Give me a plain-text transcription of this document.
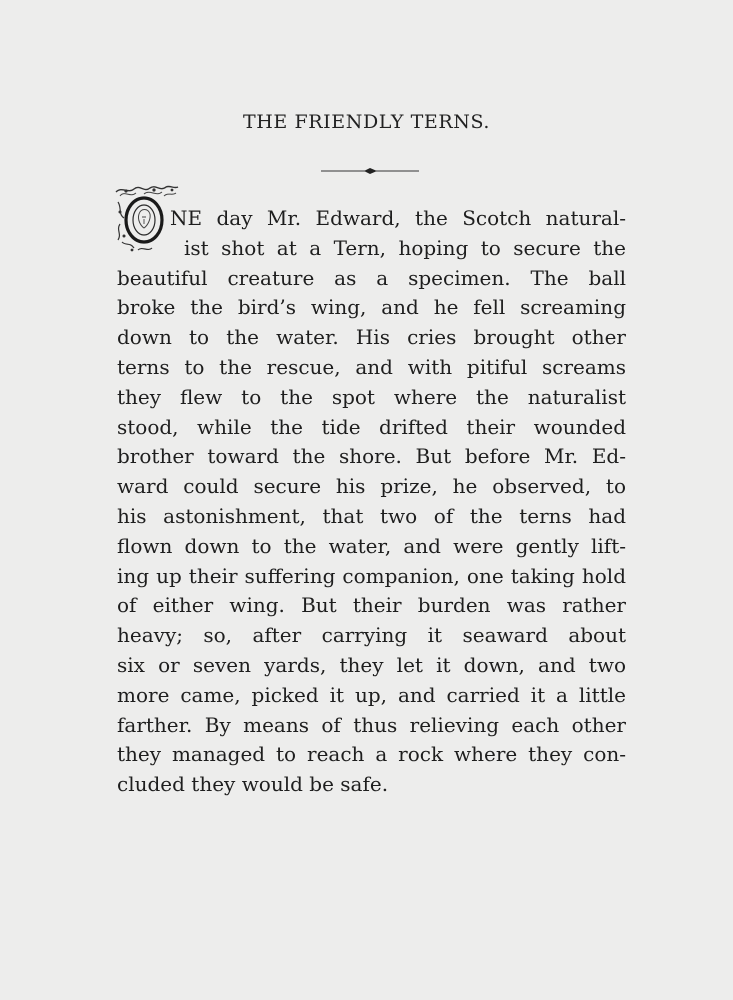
THE FRIENDLY TERNS.
NE day Mr. Edward, the Scotch natural-
ist shot at a Tern, hoping to secure the
beautiful creature as a specimen. The ball
broke the bird’s wing, and he fell screaming
down to the water. His cries brought other
terns to the rescue, and with pitiful screams
they flew to the spot where the naturalist
stood, while the tide drifted their wounded
brother toward the shore. But before Mr. Ed-
ward could secure his prize, he observed, to
his astonishment, that two of the terns had
flown down to the water, and were gently lift-
ing up their suffering companion, one taking hold
of either wing. But their burden was rather
heavy; so, after carrying it seaward about
six or seven yards, they let it down, and two
more came, picked it up, and carried it a little
farther. By means of thus relieving each other
they managed to reach a rock where they con-
cluded they would be safe.
